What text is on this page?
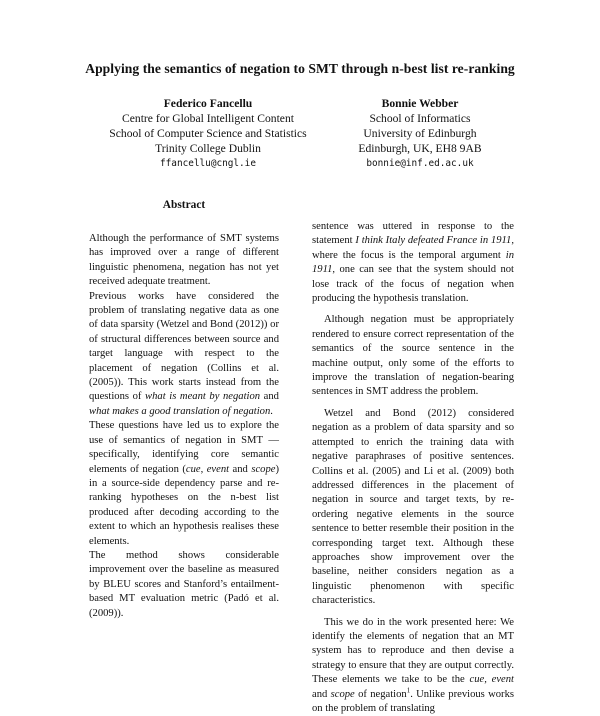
Applying the semantics of negation to SMT through n-best list re-ranking
Federico Fancellu
Centre for Global Intelligent Content
School of Computer Science and Statistics
Trinity College Dublin
ffancellu@cngl.ie
Bonnie Webber
School of Informatics
University of Edinburgh
Edinburgh, UK, EH8 9AB
bonnie@inf.ed.ac.uk
Abstract

Although the performance of SMT systems has improved over a range of different linguistic phenomena, negation has not yet received adequate treatment.

Previous works have considered the problem of translating negative data as one of data sparsity (Wetzel and Bond (2012)) or of structural differences between source and target language with respect to the placement of negation (Collins et al. (2005)). This work starts instead from the questions of what is meant by negation and what makes a good translation of negation.

These questions have led us to explore the use of semantics of negation in SMT — specifically, identifying core semantic elements of negation (cue, event and scope) in a source-side dependency parse and re-ranking hypotheses on the n-best list produced after decoding according to the extent to which an hypothesis realises these elements.

The method shows considerable improvement over the baseline as measured by BLEU scores and Stanford’s entailment-based MT evaluation metric (Padó et al. (2009)).

sentence was uttered in response to the statement I think Italy defeated France in 1911, where the focus is the temporal argument in 1911, one can see that the system should not lose track of the focus of negation when producing the hypothesis translation.

Although negation must be appropriately rendered to ensure correct representation of the semantics of the source sentence in the machine output, only some of the efforts to improve the translation of negation-bearing sentences in SMT address the problem.

Wetzel and Bond (2012) considered negation as a problem of data sparsity and so attempted to enrich the training data with negative paraphrases of positive sentences. Collins et al. (2005) and Li et al. (2009) both addressed differences in the placement of negation in source and target texts, by re-ordering negative elements in the source sentence to better resemble their position in the corresponding target text. Although these approaches show improvement over the baseline, neither considers negation as a linguistic phenomenon with specific characteristics.

This we do in the work presented here: We identify the elements of negation that an MT system has to reproduce and then devise a strategy to ensure that they are output correctly. These elements we take to be the cue, event and scope of negation$^1$. Unlike previous works on the problem of translating
